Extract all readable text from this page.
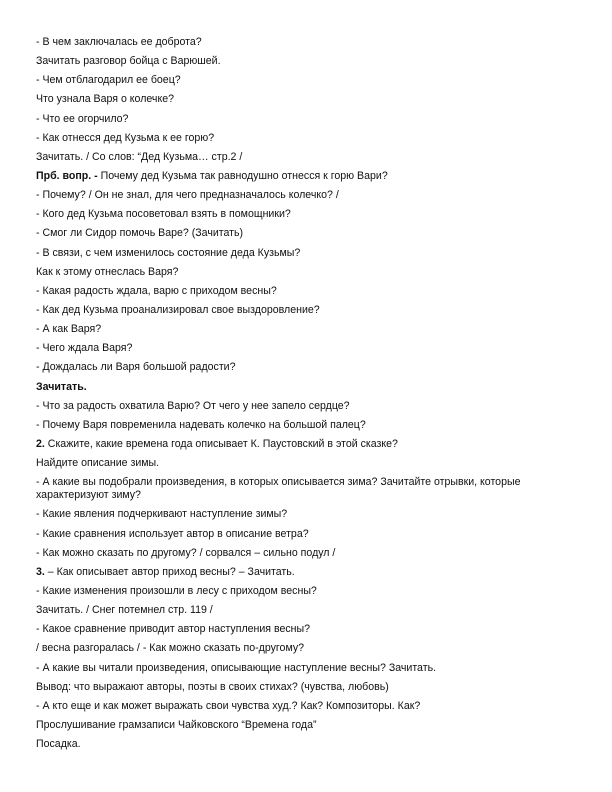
- В чем заключалась ее доброта?
Зачитать разговор бойца с Варюшей.
- Чем отблагодарил ее боец?
Что узнала Варя о колечке?
- Что ее огорчило?
- Как отнесся дед Кузьма к ее горю?
Зачитать. / Со слов: “Дед Кузьма… стр.2 /
Прб. вопр. - Почему дед Кузьма так равнодушно отнесся к горю Вари?
- Почему? / Он не знал, для чего предназначалось колечко? /
- Кого дед Кузьма посоветовал взять в помощники?
- Смог ли Сидор помочь Варе? (Зачитать)
- В связи, с чем изменилось состояние деда Кузьмы?
Как к этому отнеслась Варя?
- Какая радость ждала, варю с приходом весны?
- Как дед Кузьма проанализировал свое выздоровление?
- А как Варя?
- Чего ждала Варя?
- Дождалась ли Варя большой радости?
Зачитать.
- Что за радость охватила Варю? От чего у нее запело сердце?
- Почему Варя повременила надевать колечко на большой палец?
2. Скажите, какие времена года описывает К. Паустовский в этой сказке?
Найдите описание зимы.
- А какие вы подобрали произведения, в которых описывается зима? Зачитайте отрывки, которые характеризуют зиму?
- Какие явления подчеркивают наступление зимы?
- Какие сравнения использует автор в описание ветра?
- Как можно сказать по другому? / сорвался – сильно подул /
3. – Как описывает автор приход весны? – Зачитать.
- Какие изменения произошли в лесу с приходом весны?
Зачитать. / Снег потемнел стр. 119 /
- Какое сравнение приводит автор наступления весны?
/ весна разгоралась / - Как можно сказать по-другому?
- А какие вы читали произведения, описывающие наступление весны? Зачитать.
Вывод: что выражают авторы, поэты в своих стихах? (чувства, любовь)
- А кто еще и как может выражать свои чувства худ.? Как? Композиторы. Как?
Прослушивание грамзаписи Чайковского “Времена года”
Посадка.
